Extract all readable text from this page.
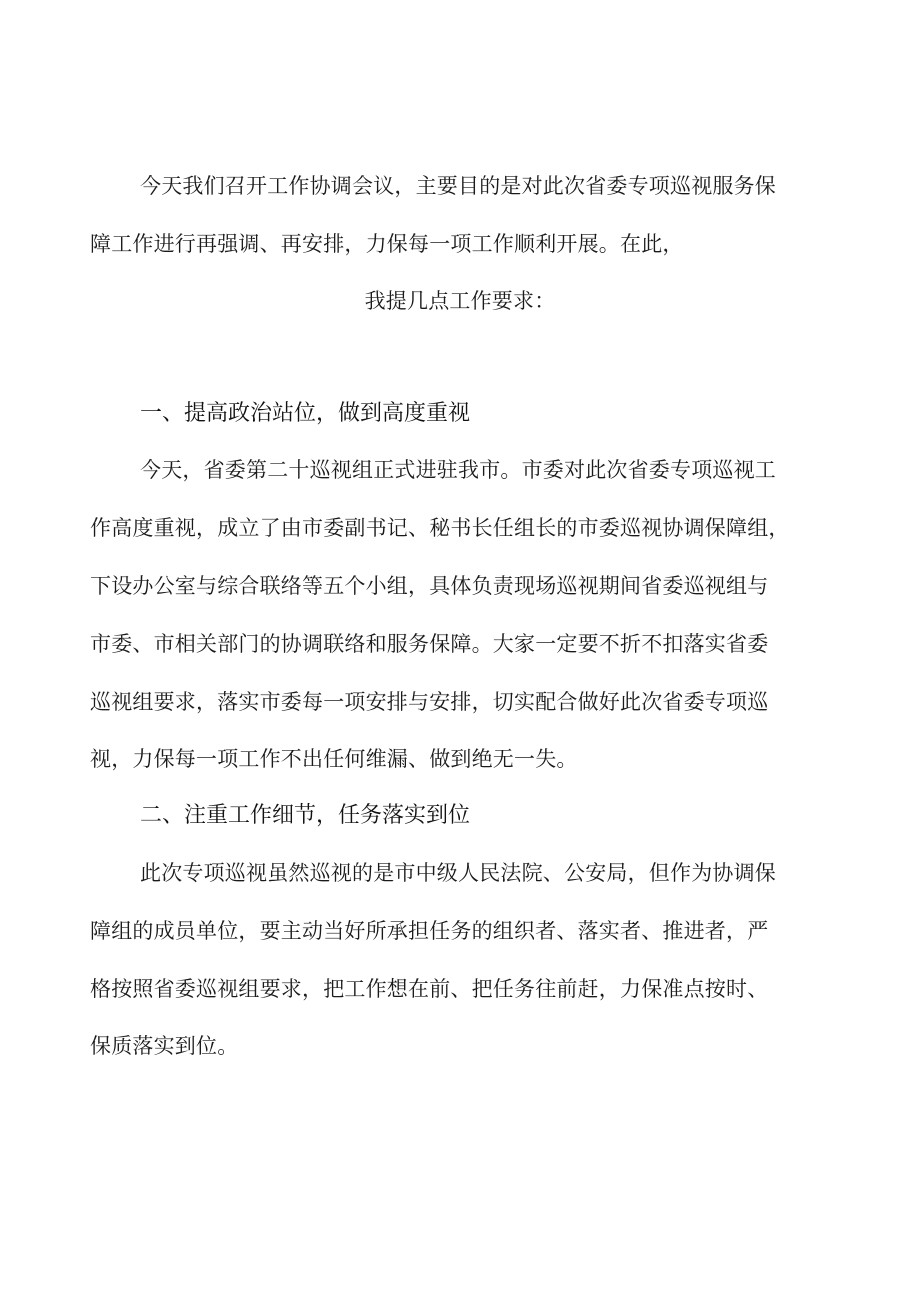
今天我们召开工作协调会议，主要目的是对此次省委专项巡视服务保
障工作进行再强调、再安排，力保每一项工作顺利开展。在此，
我提几点工作要求：
一、提高政治站位，做到高度重视
今天，省委第二十巡视组正式进驻我市。市委对此次省委专项巡视工
作高度重视，成立了由市委副书记、秘书长任组长的市委巡视协调保障组，
下设办公室与综合联络等五个小组，具体负责现场巡视期间省委巡视组与
市委、市相关部门的协调联络和服务保障。大家一定要不折不扣落实省委
巡视组要求，落实市委每一项安排与安排，切实配合做好此次省委专项巡
视，力保每一项工作不出任何维漏、做到绝无一失。
二、注重工作细节，任务落实到位
此次专项巡视虽然巡视的是市中级人民法院、公安局，但作为协调保
障组的成员单位，要主动当好所承担任务的组织者、落实者、推进者，严
格按照省委巡视组要求，把工作想在前、把任务往前赶，力保准点按时、
保质落实到位。
